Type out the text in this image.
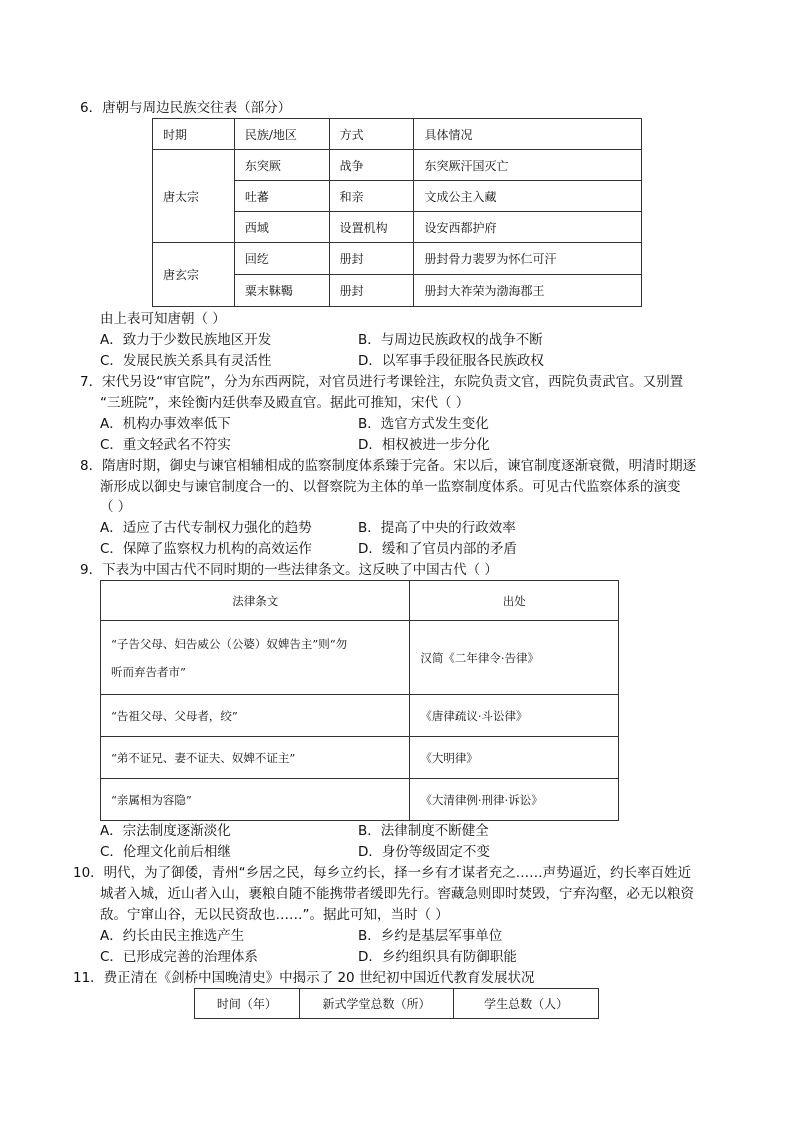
6．唐朝与周边民族交往表（部分）
时期	民族/地区	方式	具体情况
唐太宗	东突厥	战争	东突厥汗国灭亡
	吐蕃	和亲	文成公主入藏
	西域	设置机构	设安西都护府
唐玄宗	回纥	册封	册封骨力裴罗为怀仁可汗
	粟末靺鞨	册封	册封大祚荣为渤海郡王
由上表可知唐朝（ ）
A．致力于少数民族地区开发	B．与周边民族政权的战争不断
C．发展民族关系具有灵活性	D．以军事手段征服各民族政权
7．宋代另设“审官院”，分为东西两院，对官员进行考课铨注，东院负责文官，西院负责武官。又别置
“三班院”，来铨衡内廷供奉及殿直官。据此可推知，宋代（ ）
A．机构办事效率低下	B．选官方式发生变化
C．重文轻武名不符实	D．相权被进一步分化
8．隋唐时期，御史与谏官相辅相成的监察制度体系臻于完备。宋以后，谏官制度逐渐衰微，明清时期逐
渐形成以御史与谏官制度合一的、以督察院为主体的单一监察制度体系。可见古代监察体系的演变
（ ）
A．适应了古代专制权力强化的趋势	B．提高了中央的行政效率
C．保障了监察权力机构的高效运作	D．缓和了官员内部的矛盾
9．下表为中国古代不同时期的一些法律条文。这反映了中国古代（ ）
法律条文	出处

“子告父母、妇告威公（公婆）奴婢告主”则“勿
听而弃告者市”	汉简《二年律令·告律》
“告祖父母、父母者，绞”	《唐律疏议·斗讼律》
“弟不证兄、妻不证夫、奴婢不证主”	《大明律》
“亲属相为容隐”	《大清律例·刑律·诉讼》
A．宗法制度逐渐淡化	B．法律制度不断健全
C．伦理文化前后相继	D．身份等级固定不变
10．明代，为了御倭，青州“乡居之民，每乡立约长，择一乡有才谋者充之……声势逼近，约长率百姓近
城者入城，近山者入山，裹粮自随不能携带者缓即先行。窖藏急则即时焚毁，宁弃沟壑，必无以粮资
敌。宁窜山谷，无以民资敌也……”。据此可知，当时（ ）
A．约长由民主推选产生	B．乡约是基层军事单位
C．已形成完善的治理体系	D．乡约组织具有防御职能
11．费正清在《剑桥中国晚清史》中揭示了 20 世纪初中国近代教育发展状况
时间（年）	新式学堂总数（所）	学生总数（人）
